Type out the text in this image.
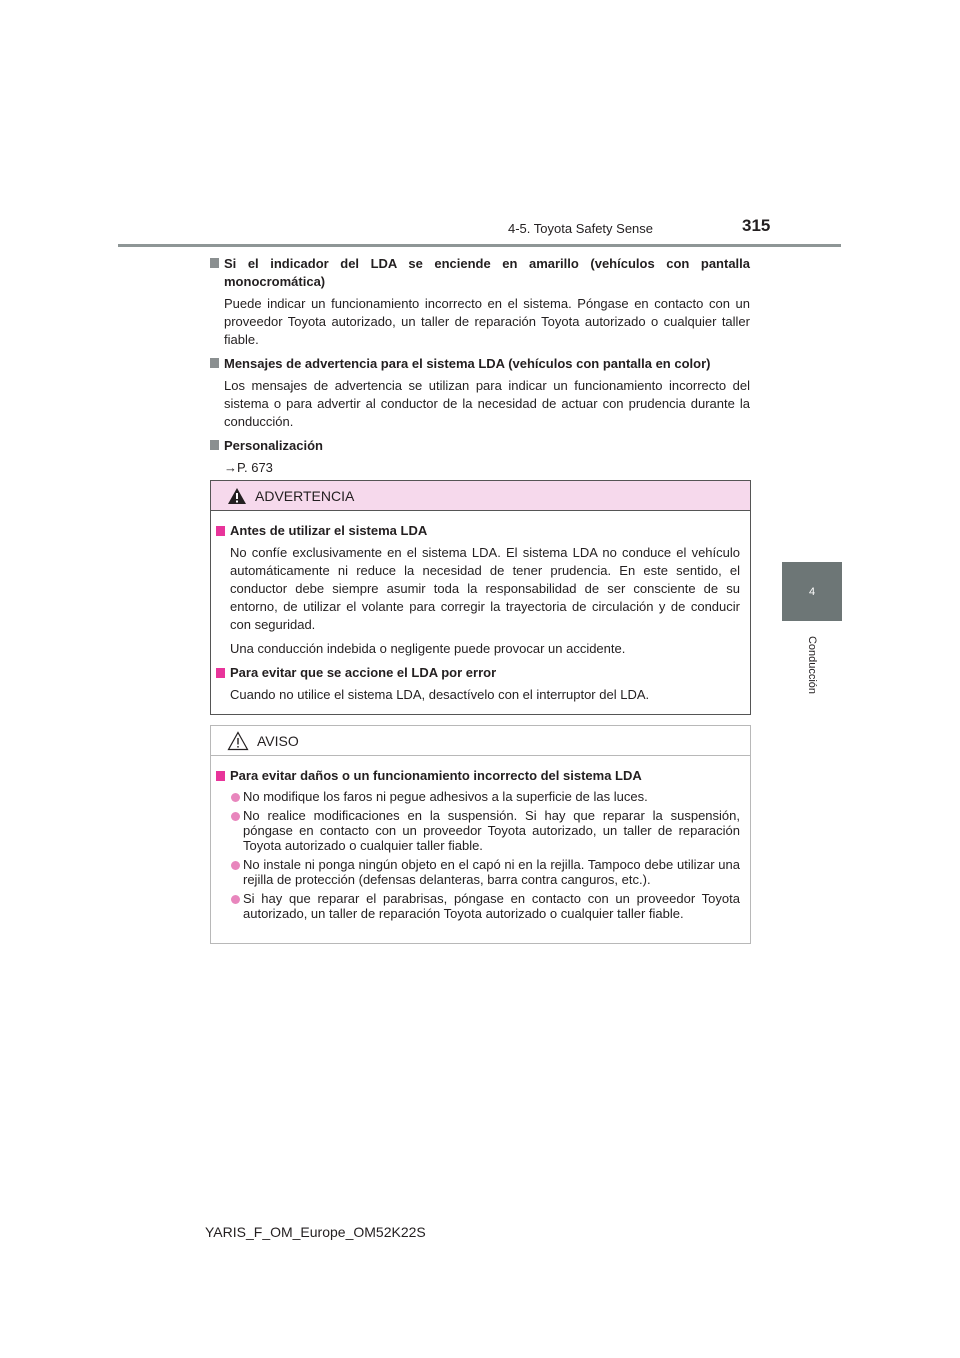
4-5. Toyota Safety Sense	315
4
Conducción

Si el indicador del LDA se enciende en amarillo (vehículos con pantalla monocromática)

Puede indicar un funcionamiento incorrecto en el sistema. Póngase en contacto con un proveedor Toyota autorizado, un taller de reparación Toyota autorizado o cualquier taller fiable.

Mensajes de advertencia para el sistema LDA (vehículos con pantalla en color)

Los mensajes de advertencia se utilizan para indicar un funcionamiento incorrecto del sistema o para advertir al conductor de la necesidad de actuar con prudencia durante la conducción.

Personalización

→P. 673

ADVERTENCIA

Antes de utilizar el sistema LDA

No confíe exclusivamente en el sistema LDA. El sistema LDA no conduce el vehículo automáticamente ni reduce la necesidad de tener prudencia. En este sentido, el conductor debe siempre asumir toda la responsabilidad de ser consciente de su entorno, de utilizar el volante para corregir la trayectoria de circulación y de conducir con seguridad.

Una conducción indebida o negligente puede provocar un accidente.

Para evitar que se accione el LDA por error

Cuando no utilice el sistema LDA, desactívelo con el interruptor del LDA.

AVISO

Para evitar daños o un funcionamiento incorrecto del sistema LDA

No modifique los faros ni pegue adhesivos a la superficie de las luces.

No realice modificaciones en la suspensión. Si hay que reparar la suspensión, póngase en contacto con un proveedor Toyota autorizado, un taller de reparación Toyota autorizado o cualquier taller fiable.

No instale ni ponga ningún objeto en el capó ni en la rejilla. Tampoco debe utilizar una rejilla de protección (defensas delanteras, barra contra canguros, etc.).

Si hay que reparar el parabrisas, póngase en contacto con un proveedor Toyota autorizado, un taller de reparación Toyota autorizado o cualquier taller fiable.

YARIS_F_OM_Europe_OM52K22S
